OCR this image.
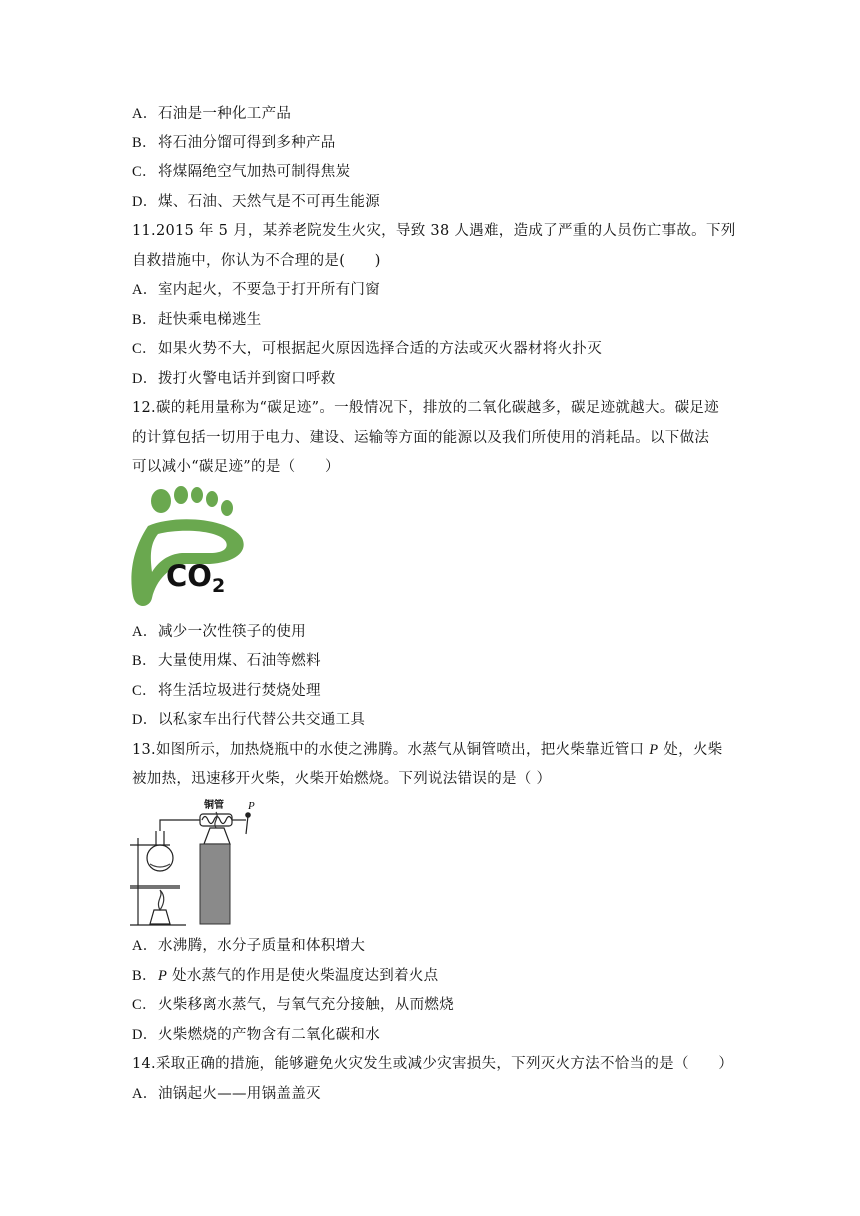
A．石油是一种化工产品
B．将石油分馏可得到多种产品
C．将煤隔绝空气加热可制得焦炭
D．煤、石油、天然气是不可再生能源
11.2015 年 5 月，某养老院发生火灾，导致 38 人遇难，造成了严重的人员伤亡事故。下列
自救措施中，你认为不合理的是(　　)
A．室内起火，不要急于打开所有门窗
B．赶快乘电梯逃生
C．如果火势不大，可根据起火原因选择合适的方法或灭火器材将火扑灭
D．拨打火警电话并到窗口呼救
12.碳的耗用量称为“碳足迹”。一般情况下，排放的二氧化碳越多，碳足迹就越大。碳足迹
的计算包括一切用于电力、建设、运输等方面的能源以及我们所使用的消耗品。以下做法
可以减小“碳足迹”的是（　　）
$CO_2$
A．减少一次性筷子的使用
B．大量使用煤、石油等燃料
C．将生活垃圾进行焚烧处理
D．以私家车出行代替公共交通工具
13.如图所示，加热烧瓶中的水使之沸腾。水蒸气从铜管喷出，把火柴靠近管口 P 处，火柴
被加热，迅速移开火柴，火柴开始燃烧。下列说法错误的是（ ）
铜管 P
A．水沸腾，水分子质量和体积增大
B．P 处水蒸气的作用是使火柴温度达到着火点
C．火柴移离水蒸气，与氧气充分接触，从而燃烧
D．火柴燃烧的产物含有二氧化碳和水
14.采取正确的措施，能够避免火灾发生或减少灾害损失，下列灭火方法不恰当的是（　　）
A．油锅起火——用锅盖盖灭
